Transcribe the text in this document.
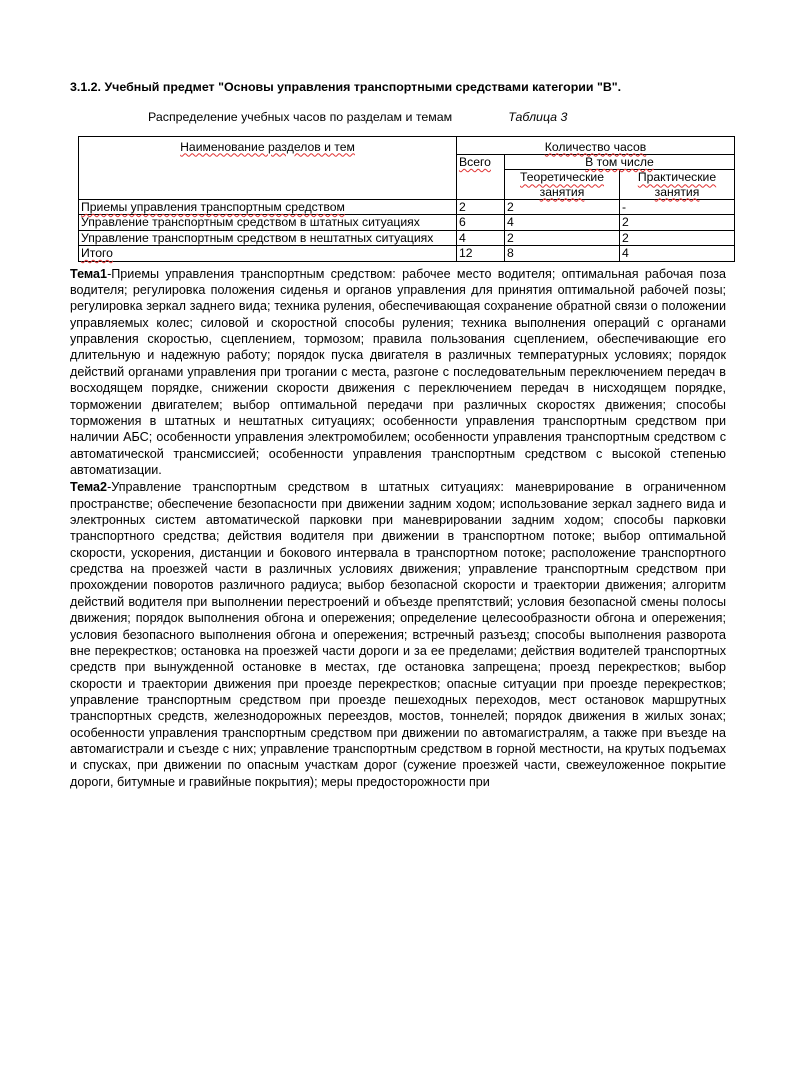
3.1.2. Учебный предмет "Основы управления транспортными средствами категории "B".
Распределение учебных часов по разделам и темам	Таблица 3
Наименование разделов и тем	Количество часов		
	Всего	В том числе	
		Теоретические занятия	Практические занятия
Приемы управления транспортным средством	2	2	-
Управление транспортным средством в штатных ситуациях	6	4	2
Управление транспортным средством в нештатных ситуациях	4	2	2
Итого	12	8	4

Тема1-Приемы управления транспортным средством: рабочее место водителя; оптимальная рабочая поза водителя; регулировка положения сиденья и органов управления для принятия оптимальной рабочей позы; регулировка зеркал заднего вида; техника руления, обеспечивающая сохранение обратной связи о положении управляемых колес; силовой и скоростной способы руления; техника выполнения операций с органами управления скоростью, сцеплением, тормозом; правила пользования сцеплением, обеспечивающие его длительную и надежную работу; порядок пуска двигателя в различных температурных условиях; порядок действий органами управления при трогании с места, разгоне с последовательным переключением передач в восходящем порядке, снижении скорости движения с переключением передач в нисходящем порядке, торможении двигателем; выбор оптимальной передачи при различных скоростях движения; способы торможения в штатных и нештатных ситуациях; особенности управления транспортным средством при наличии АБС; особенности управления электромобилем; особенности управления транспортным средством с автоматической трансмиссией; особенности управления транспортным средством с высокой степенью автоматизации.

Тема2-Управление транспортным средством в штатных ситуациях: маневрирование в ограниченном пространстве; обеспечение безопасности при движении задним ходом; использование зеркал заднего вида и электронных систем автоматической парковки при маневрировании задним ходом; способы парковки транспортного средства; действия водителя при движении в транспортном потоке; выбор оптимальной скорости, ускорения, дистанции и бокового интервала в транспортном потоке; расположение транспортного средства на проезжей части в различных условиях движения; управление транспортным средством при прохождении поворотов различного радиуса; выбор безопасной скорости и траектории движения; алгоритм действий водителя при выполнении перестроений и объезде препятствий; условия безопасной смены полосы движения; порядок выполнения обгона и опережения; определение целесообразности обгона и опережения; условия безопасного выполнения обгона и опережения; встречный разъезд; способы выполнения разворота вне перекрестков; остановка на проезжей части дороги и за ее пределами; действия водителей транспортных средств при вынужденной остановке в местах, где остановка запрещена; проезд перекрестков; выбор скорости и траектории движения при проезде перекрестков; опасные ситуации при проезде перекрестков; управление транспортным средством при проезде пешеходных переходов, мест остановок маршрутных транспортных средств, железнодорожных переездов, мостов, тоннелей; порядок движения в жилых зонах; особенности управления транспортным средством при движении по автомагистралям, а также при въезде на автомагистрали и съезде с них; управление транспортным средством в горной местности, на крутых подъемах и спусках, при движении по опасным участкам дорог (сужение проезжей части, свежеуложенное покрытие дороги, битумные и гравийные покрытия); меры предосторожности при
